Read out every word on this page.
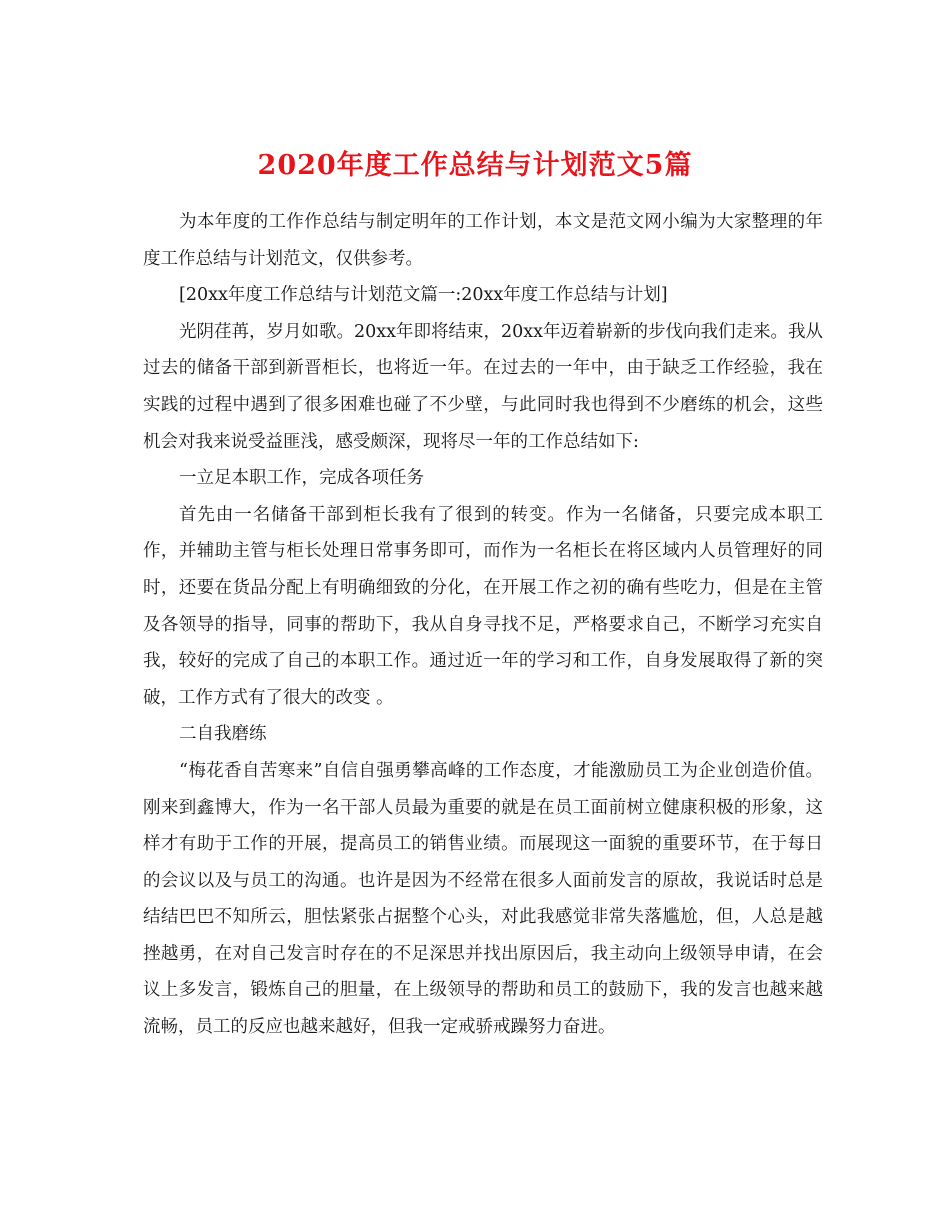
2020年度工作总结与计划范文5篇

为本年度的工作作总结与制定明年的工作计划，本文是范文网小编为大家整理的年度工作总结与计划范文，仅供参考。

[20xx年度工作总结与计划范文篇一:20xx年度工作总结与计划]

光阴荏苒，岁月如歌。20xx年即将结束，20xx年迈着崭新的步伐向我们走来。我从过去的储备干部到新晋柜长，也将近一年。在过去的一年中，由于缺乏工作经验，我在实践的过程中遇到了很多困难也碰了不少壁，与此同时我也得到不少磨练的机会，这些机会对我来说受益匪浅，感受颇深，现将尽一年的工作总结如下:

一立足本职工作，完成各项任务

首先由一名储备干部到柜长我有了很到的转变。作为一名储备，只要完成本职工作，并辅助主管与柜长处理日常事务即可，而作为一名柜长在将区域内人员管理好的同时，还要在货品分配上有明确细致的分化，在开展工作之初的确有些吃力，但是在主管及各领导的指导，同事的帮助下，我从自身寻找不足，严格要求自己，不断学习充实自我，较好的完成了自己的本职工作。通过近一年的学习和工作，自身发展取得了新的突破，工作方式有了很大的改变 。

二自我磨练

“梅花香自苦寒来”自信自强勇攀高峰的工作态度，才能激励员工为企业创造价值。刚来到鑫博大，作为一名干部人员最为重要的就是在员工面前树立健康积极的形象，这样才有助于工作的开展，提高员工的销售业绩。而展现这一面貌的重要环节，在于每日的会议以及与员工的沟通。也许是因为不经常在很多人面前发言的原故，我说话时总是结结巴巴不知所云，胆怯紧张占据整个心头，对此我感觉非常失落尴尬，但，人总是越挫越勇，在对自己发言时存在的不足深思并找出原因后，我主动向上级领导申请，在会议上多发言，锻炼自己的胆量，在上级领导的帮助和员工的鼓励下，我的发言也越来越流畅，员工的反应也越来越好，但我一定戒骄戒躁努力奋进。
